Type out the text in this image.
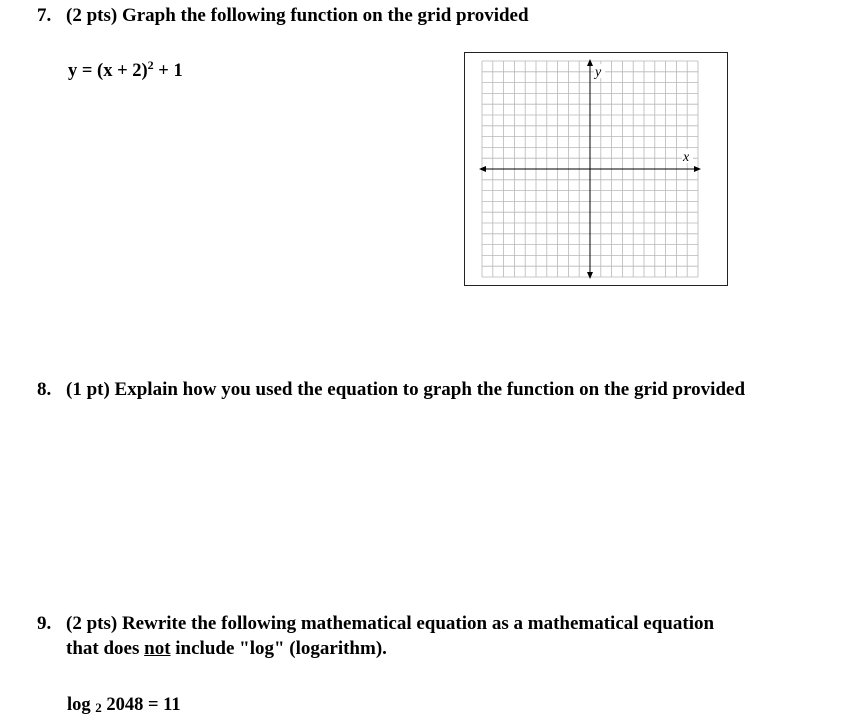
7. (2 pts) Graph the following function on the grid provided
$y = (x + 2)^2 + 1$	y
x
8. (1 pt) Explain how you used the equation to graph the function on the grid provided
9. (2 pts) Rewrite the following mathematical equation as a mathematical equation
that does not include "log" (logarithm).
log 2 2048 = 11
